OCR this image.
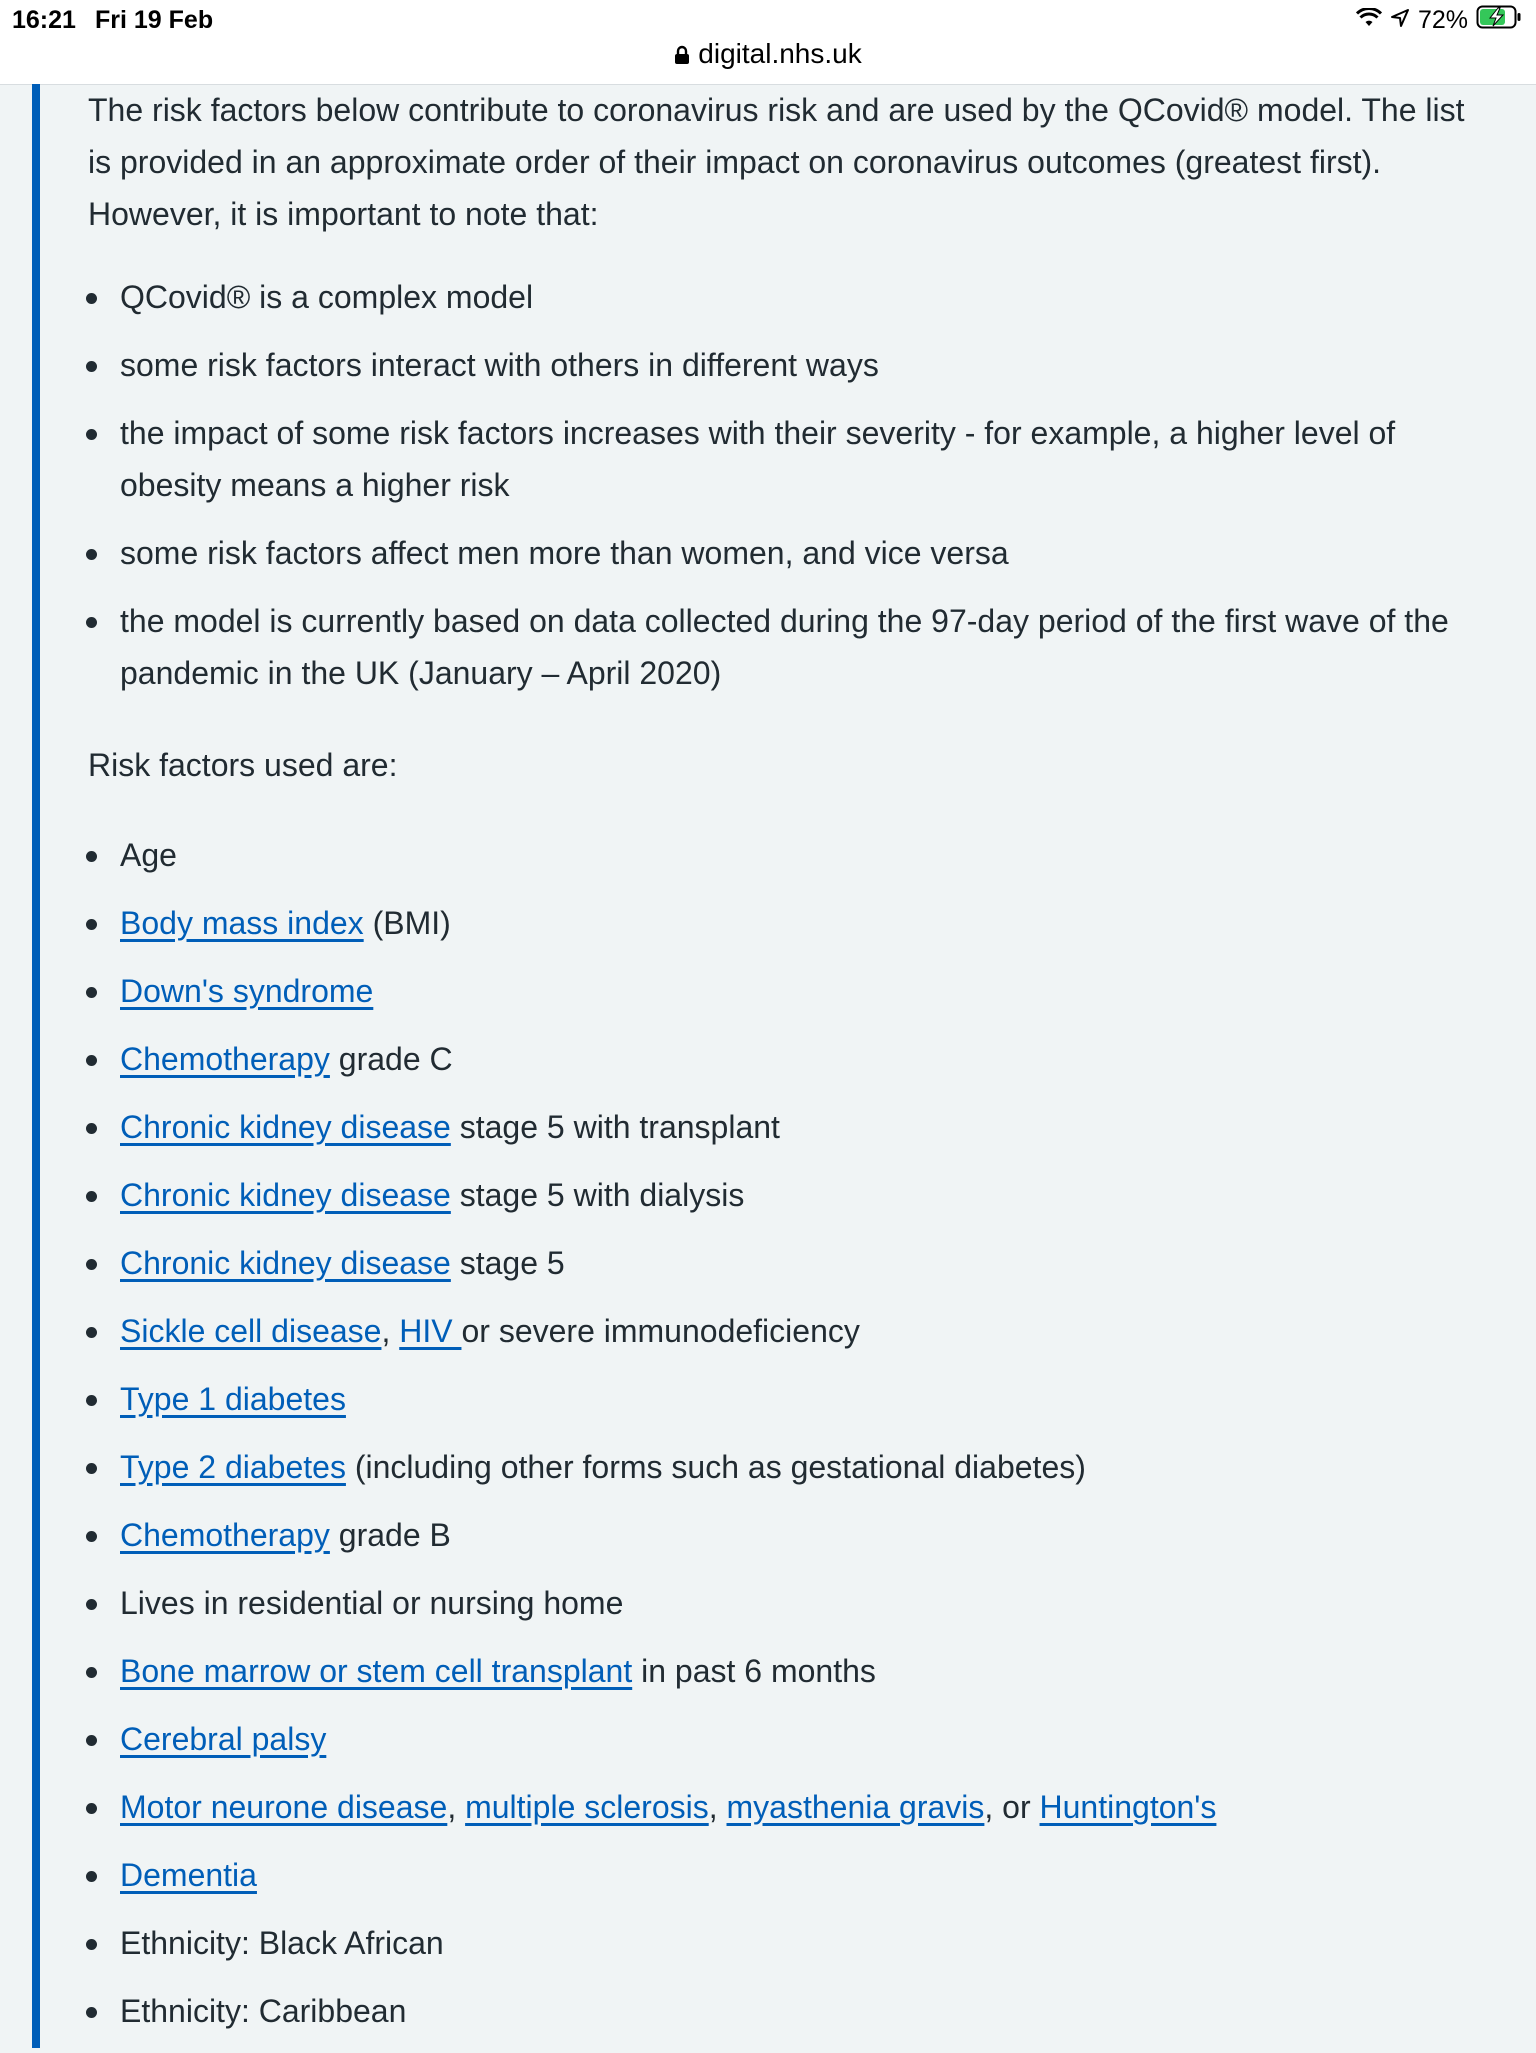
16:21 Fri 19 Feb	72%
digital.nhs.uk

The risk factors below contribute to coronavirus risk and are used by the QCovid® model. The list is provided in an approximate order of their impact on coronavirus outcomes (greatest first). However, it is important to note that:

QCovid® is a complex model
some risk factors interact with others in different ways
the impact of some risk factors increases with their severity - for example, a higher level of obesity means a higher risk
some risk factors affect men more than women, and vice versa
the model is currently based on data collected during the 97-day period of the first wave of the pandemic in the UK (January – April 2020)

Risk factors used are:

Age
Body mass index (BMI)
Down's syndrome
Chemotherapy grade C
Chronic kidney disease stage 5 with transplant
Chronic kidney disease stage 5 with dialysis
Chronic kidney disease stage 5
Sickle cell disease, HIV or severe immunodeficiency
Type 1 diabetes
Type 2 diabetes (including other forms such as gestational diabetes)
Chemotherapy grade B
Lives in residential or nursing home
Bone marrow or stem cell transplant in past 6 months
Cerebral palsy
Motor neurone disease, multiple sclerosis, myasthenia gravis, or Huntington's
Dementia
Ethnicity: Black African
Ethnicity: Caribbean
